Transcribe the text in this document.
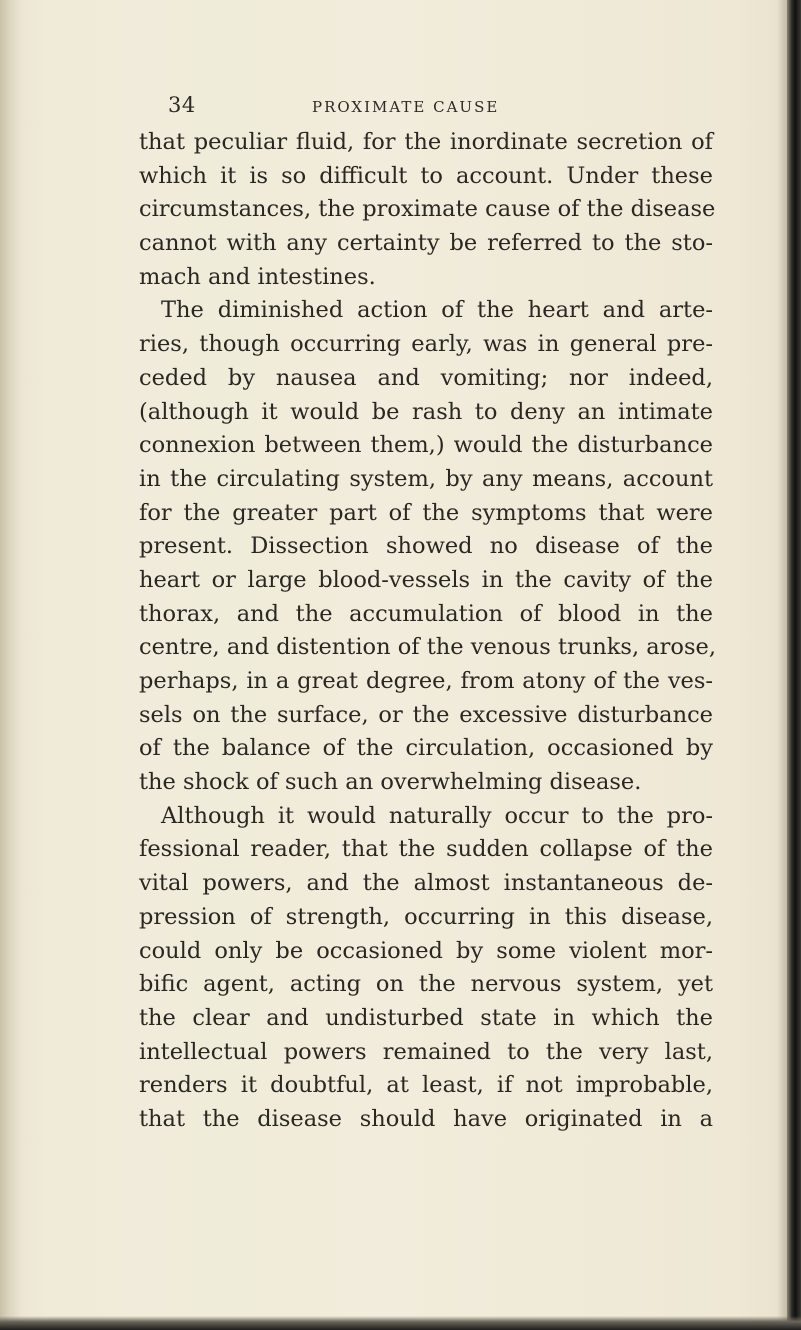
34	PROXIMATE CAUSE
that peculiar fluid, for the inordinate secretion of
which it is so difficult to account. Under these
circumstances, the proximate cause of the disease
cannot with any certainty be referred to the sto-
mach and intestines.
The diminished action of the heart and arte-
ries, though occurring early, was in general pre-
ceded by nausea and vomiting; nor indeed,
(although it would be rash to deny an intimate
connexion between them,) would the disturbance
in the circulating system, by any means, account
for the greater part of the symptoms that were
present. Dissection showed no disease of the
heart or large blood-vessels in the cavity of the
thorax, and the accumulation of blood in the
centre, and distention of the venous trunks, arose,
perhaps, in a great degree, from atony of the ves-
sels on the surface, or the excessive disturbance
of the balance of the circulation, occasioned by
the shock of such an overwhelming disease.
Although it would naturally occur to the pro-
fessional reader, that the sudden collapse of the
vital powers, and the almost instantaneous de-
pression of strength, occurring in this disease,
could only be occasioned by some violent mor-
bific agent, acting on the nervous system, yet
the clear and undisturbed state in which the
intellectual powers remained to the very last,
renders it doubtful, at least, if not improbable,
that the disease should have originated in a
